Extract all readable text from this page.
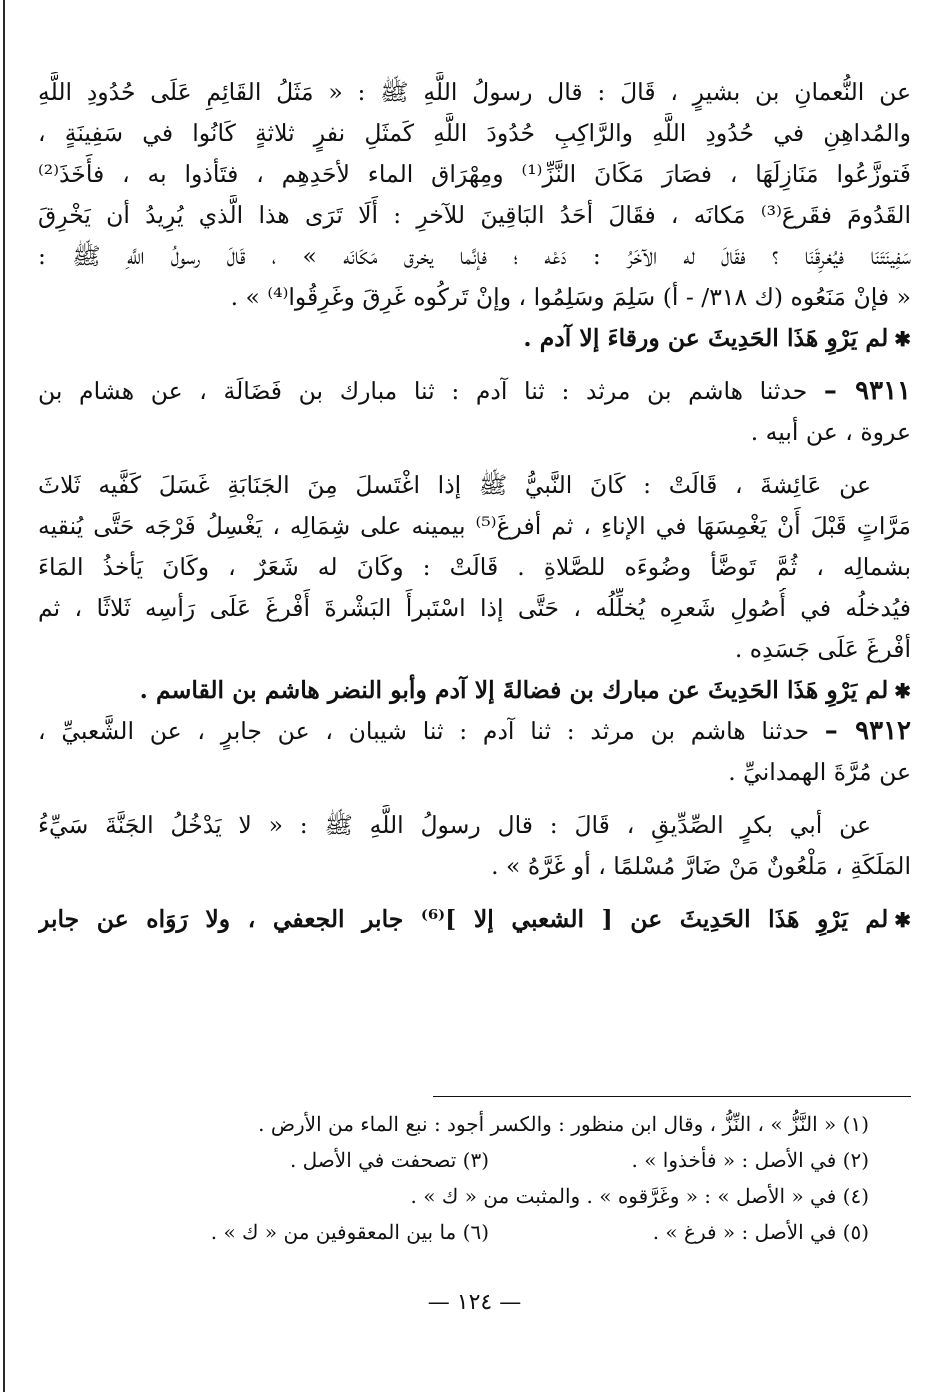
عن النُّعمانِ بن بشيرٍ ، قَالَ : قال رسولُ اللَّهِ ﷺ : « مَثَلُ القَائِمِ عَلَى حُدُودِ اللَّهِ
والمُداهِنِ في حُدُودِ اللَّهِ والرَّاكِبِ حُدُودَ اللَّهِ كَمثَلِ نفرٍ ثلاثةٍ كَانُوا في سَفِينَةٍ ،
فَتوزَّعُوا مَنَازِلَهَا ، فصَارَ مَكَانَ النَّزِّ⁽¹⁾ ومِهْرَاق الماء لأحَدِهِم ، فتَأذوا به ، فأَخَذَ⁽²⁾
القَدُومَ فقَرعَ⁽³⁾ مَكانَه ، فقَالَ أحَدُ البَاقِينَ للآخرِ : أَلَا تَرَى هذا الَّذي يُرِيدُ أن يَخْرِقَ
سَفِينَتَنَا فيُغرِقَنَا ؟ فقَالَ له الآخَرُ : دَعْه ؛ فإنَّما يخرق مَكَانَه » ، قَالَ رسولُ اللَّهِ ﷺ :
« فإنْ مَنَعُوه (ك ٣١٨/ - أ) سَلِمَ وسَلِمُوا ، وإنْ تَركُوه غَرِقَ وغَرِقُوا⁽⁴⁾ » .
✱لم يَرْوِ هَذَا الحَدِيثَ عن ورقاءَ إلا آدم .
٩٣١١ – حدثنا هاشم بن مرثد : ثنا آدم : ثنا مبارك بن فَضَالَة ، عن هشام بن
عروة ، عن أبيه .
عن عَائِشةَ ، قَالَتْ : كَانَ النَّبيُّ ﷺ إذا اغْتَسلَ مِنَ الجَنَابَةِ غَسَلَ كَفَّيه ثَلاثَ
مَرَّاتٍ قَبْلَ أَنْ يَغْمِسَهَا في الإناءِ ، ثم أفرغَ⁽⁵⁾ بيمينه على شِمَالِه ، يَغْسِلُ فَرْجَه حَتَّى يُنقيه
بشمالِه ، ثُمَّ تَوضَّأ وضُوءَه للصَّلاةِ . قَالَتْ : وكَانَ له شَعَرٌ ، وكَانَ يَأخذُ المَاءَ
فيُدخلُه في أُصُولِ شَعرِه يُخلِّلُه ، حَتَّى إذا اسْتَبرأَ البَشْرةَ أَفْرغَ عَلَى رَأسِه ثَلاثًا ، ثم
أفْرغَ عَلَى جَسَدِه .
✱لم يَرْوِ هَذَا الحَدِيثَ عن مبارك بن فضالةَ إلا آدم وأبو النضر هاشم بن القاسم .
٩٣١٢ – حدثنا هاشم بن مرثد : ثنا آدم : ثنا شيبان ، عن جابرٍ ، عن الشَّعبيِّ ،
عن مُرَّةَ الهمدانيِّ .
عن أبي بكرٍ الصِّدِّيقِ ، قَالَ : قال رسولُ اللَّهِ ﷺ : « لا يَدْخُلُ الجَنَّةَ سَيِّءُ
المَلَكَةِ ، مَلْعُونٌ مَنْ ضَارَّ مُسْلمًا ، أو غَرَّهُ » .
✱لم يَرْوِ هَذَا الحَدِيثَ عن [ الشعبي إلا ]⁽⁶⁾ جابر الجعفي ، ولا رَوَاه عن جابر
(١) « النَّزُّ » ، النِّزُّ ، وقال ابن منظور : والكسر أجود : نبع الماء من الأرض .
(٢) في الأصل : « فأخذوا » .
(٣) تصحفت في الأصل .
(٤) في « الأصل » : « وغَرَّقوه » . والمثبت من « ك » .
(٥) في الأصل : « فرغ » .
(٦) ما بين المعقوفين من « ك » .
— ١٢٤ —
